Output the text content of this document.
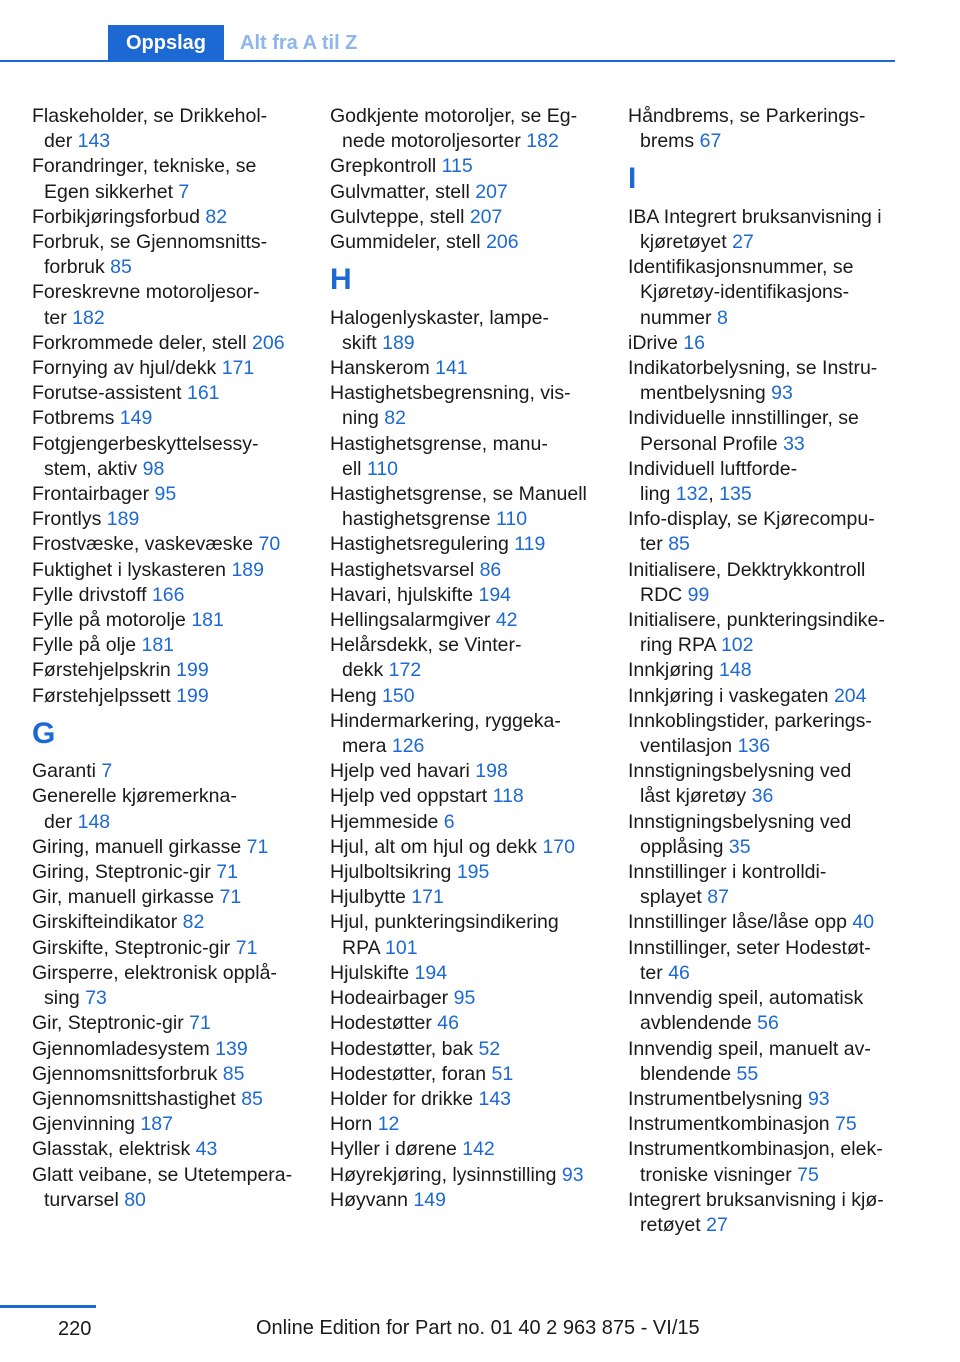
Oppslag	Alt fra A til Z
Flaskeholder, se Drikkehol-
der 143
Forandringer, tekniske, se
Egen sikkerhet 7
Forbikjøringsforbud 82
Forbruk, se Gjennomsnitts-
forbruk 85
Foreskrevne motoroljesor-
ter 182
Forkrommede deler, stell 206
Fornying av hjul/dekk 171
Forutse-assistent 161
Fotbrems 149
Fotgjengerbeskyttelsessy-
stem, aktiv 98
Frontairbager 95
Frontlys 189
Frostvæske, vaskevæske 70
Fuktighet i lyskasteren 189
Fylle drivstoff 166
Fylle på motorolje 181
Fylle på olje 181
Førstehjelpskrin 199
Førstehjelpssett 199
G
Garanti 7
Generelle kjøremerkna-
der 148
Giring, manuell girkasse 71
Giring, Steptronic-gir 71
Gir, manuell girkasse 71
Girskifteindikator 82
Girskifte, Steptronic-gir 71
Girsperre, elektronisk opplå-
sing 73
Gir, Steptronic-gir 71
Gjennomladesystem 139
Gjennomsnittsforbruk 85
Gjennomsnittshastighet 85
Gjenvinning 187
Glasstak, elektrisk 43
Glatt veibane, se Utetempera-
turvarsel 80
Godkjente motoroljer, se Eg-
nede motoroljesorter 182
Grepkontroll 115
Gulvmatter, stell 207
Gulvteppe, stell 207
Gummideler, stell 206
H
Halogenlyskaster, lampe-
skift 189
Hanskerom 141
Hastighetsbegrensning, vis-
ning 82
Hastighetsgrense, manu-
ell 110
Hastighetsgrense, se Manuell
hastighetsgrense 110
Hastighetsregulering 119
Hastighetsvarsel 86
Havari, hjulskifte 194
Hellingsalarmgiver 42
Helårsdekk, se Vinter-
dekk 172
Heng 150
Hindermarkering, ryggeka-
mera 126
Hjelp ved havari 198
Hjelp ved oppstart 118
Hjemmeside 6
Hjul, alt om hjul og dekk 170
Hjulboltsikring 195
Hjulbytte 171
Hjul, punkteringsindikering
RPA 101
Hjulskifte 194
Hodeairbager 95
Hodestøtter 46
Hodestøtter, bak 52
Hodestøtter, foran 51
Holder for drikke 143
Horn 12
Hyller i dørene 142
Høyrekjøring, lysinnstilling 93
Høyvann 149
Håndbrems, se Parkerings-
brems 67
I
IBA Integrert bruksanvisning i
kjøretøyet 27
Identifikasjonsnummer, se
Kjøretøy-identifikasjons-
nummer 8
iDrive 16
Indikatorbelysning, se Instru-
mentbelysning 93
Individuelle innstillinger, se
Personal Profile 33
Individuell luftforde-
ling 132, 135
Info-display, se Kjørecompu-
ter 85
Initialisere, Dekktrykkontroll
RDC 99
Initialisere, punkteringsindike-
ring RPA 102
Innkjøring 148
Innkjøring i vaskegaten 204
Innkoblingstider, parkerings-
ventilasjon 136
Innstigningsbelysning ved
låst kjøretøy 36
Innstigningsbelysning ved
opplåsing 35
Innstillinger i kontrolldi-
splayet 87
Innstillinger låse/låse opp 40
Innstillinger, seter Hodestøt-
ter 46
Innvendig speil, automatisk
avblendende 56
Innvendig speil, manuelt av-
blendende 55
Instrumentbelysning 93
Instrumentkombinasjon 75
Instrumentkombinasjon, elek-
troniske visninger 75
Integrert bruksanvisning i kjø-
retøyet 27
220	Online Edition for Part no. 01 40 2 963 875 - VI/15
